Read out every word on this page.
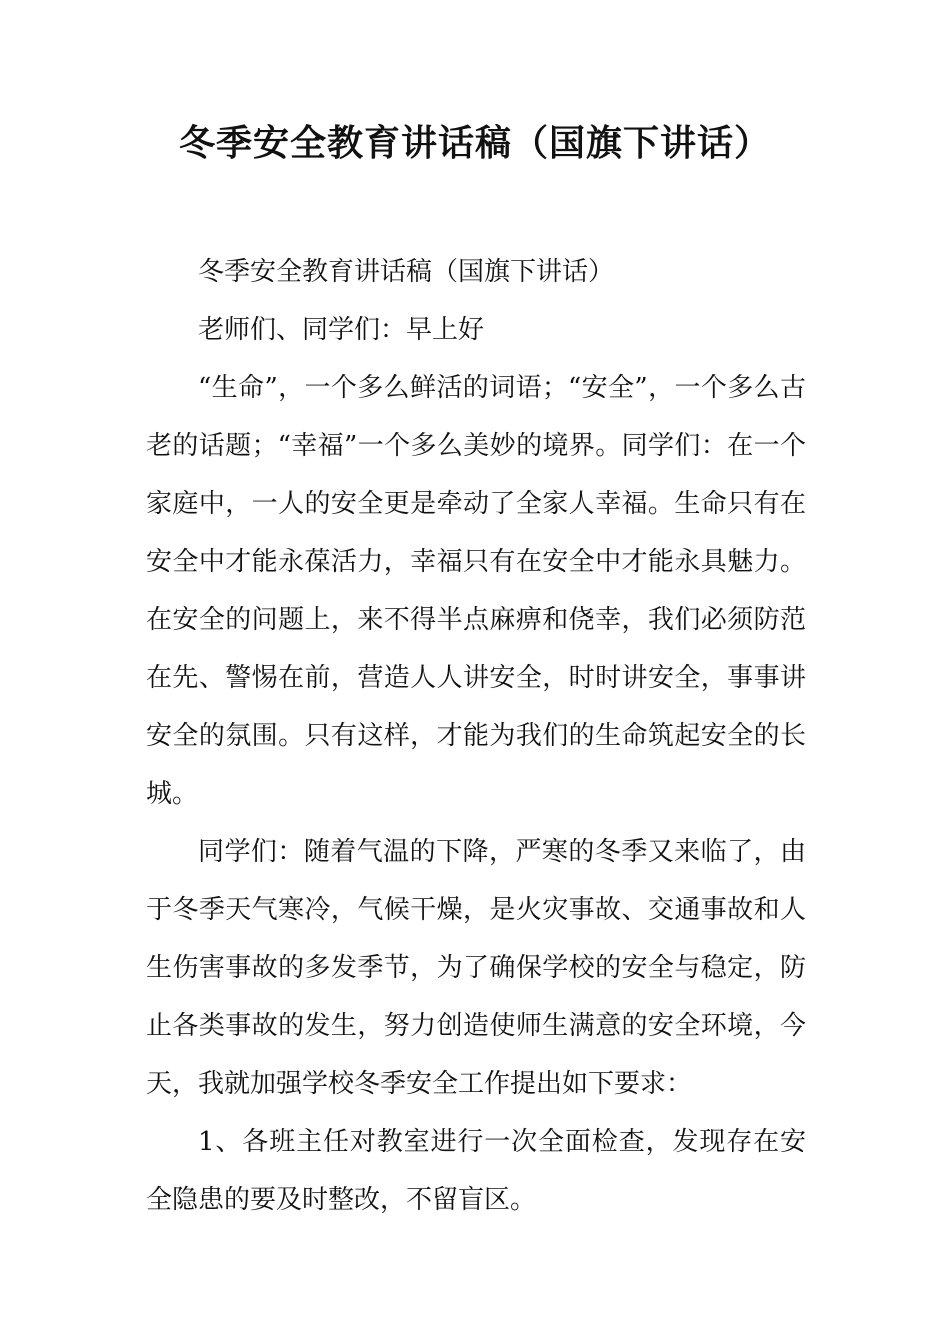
冬季安全教育讲话稿（国旗下讲话）

冬季安全教育讲话稿（国旗下讲话）

老师们、同学们：早上好

“生命”，一个多么鲜活的词语；“安全”，一个多么古老的话题；“幸福”一个多么美妙的境界。同学们：在一个家庭中，一人的安全更是牵动了全家人幸福。生命只有在安全中才能永葆活力，幸福只有在安全中才能永具魅力。在安全的问题上，来不得半点麻痹和侥幸，我们必须防范在先、警惕在前，营造人人讲安全，时时讲安全，事事讲安全的氛围。只有这样，才能为我们的生命筑起安全的长城。

同学们：随着气温的下降，严寒的冬季又来临了，由于冬季天气寒冷，气候干燥，是火灾事故、交通事故和人生伤害事故的多发季节，为了确保学校的安全与稳定，防止各类事故的发生，努力创造使师生满意的安全环境，今天，我就加强学校冬季安全工作提出如下要求：

1、各班主任对教室进行一次全面检查，发现存在安全隐患的要及时整改，不留盲区。
